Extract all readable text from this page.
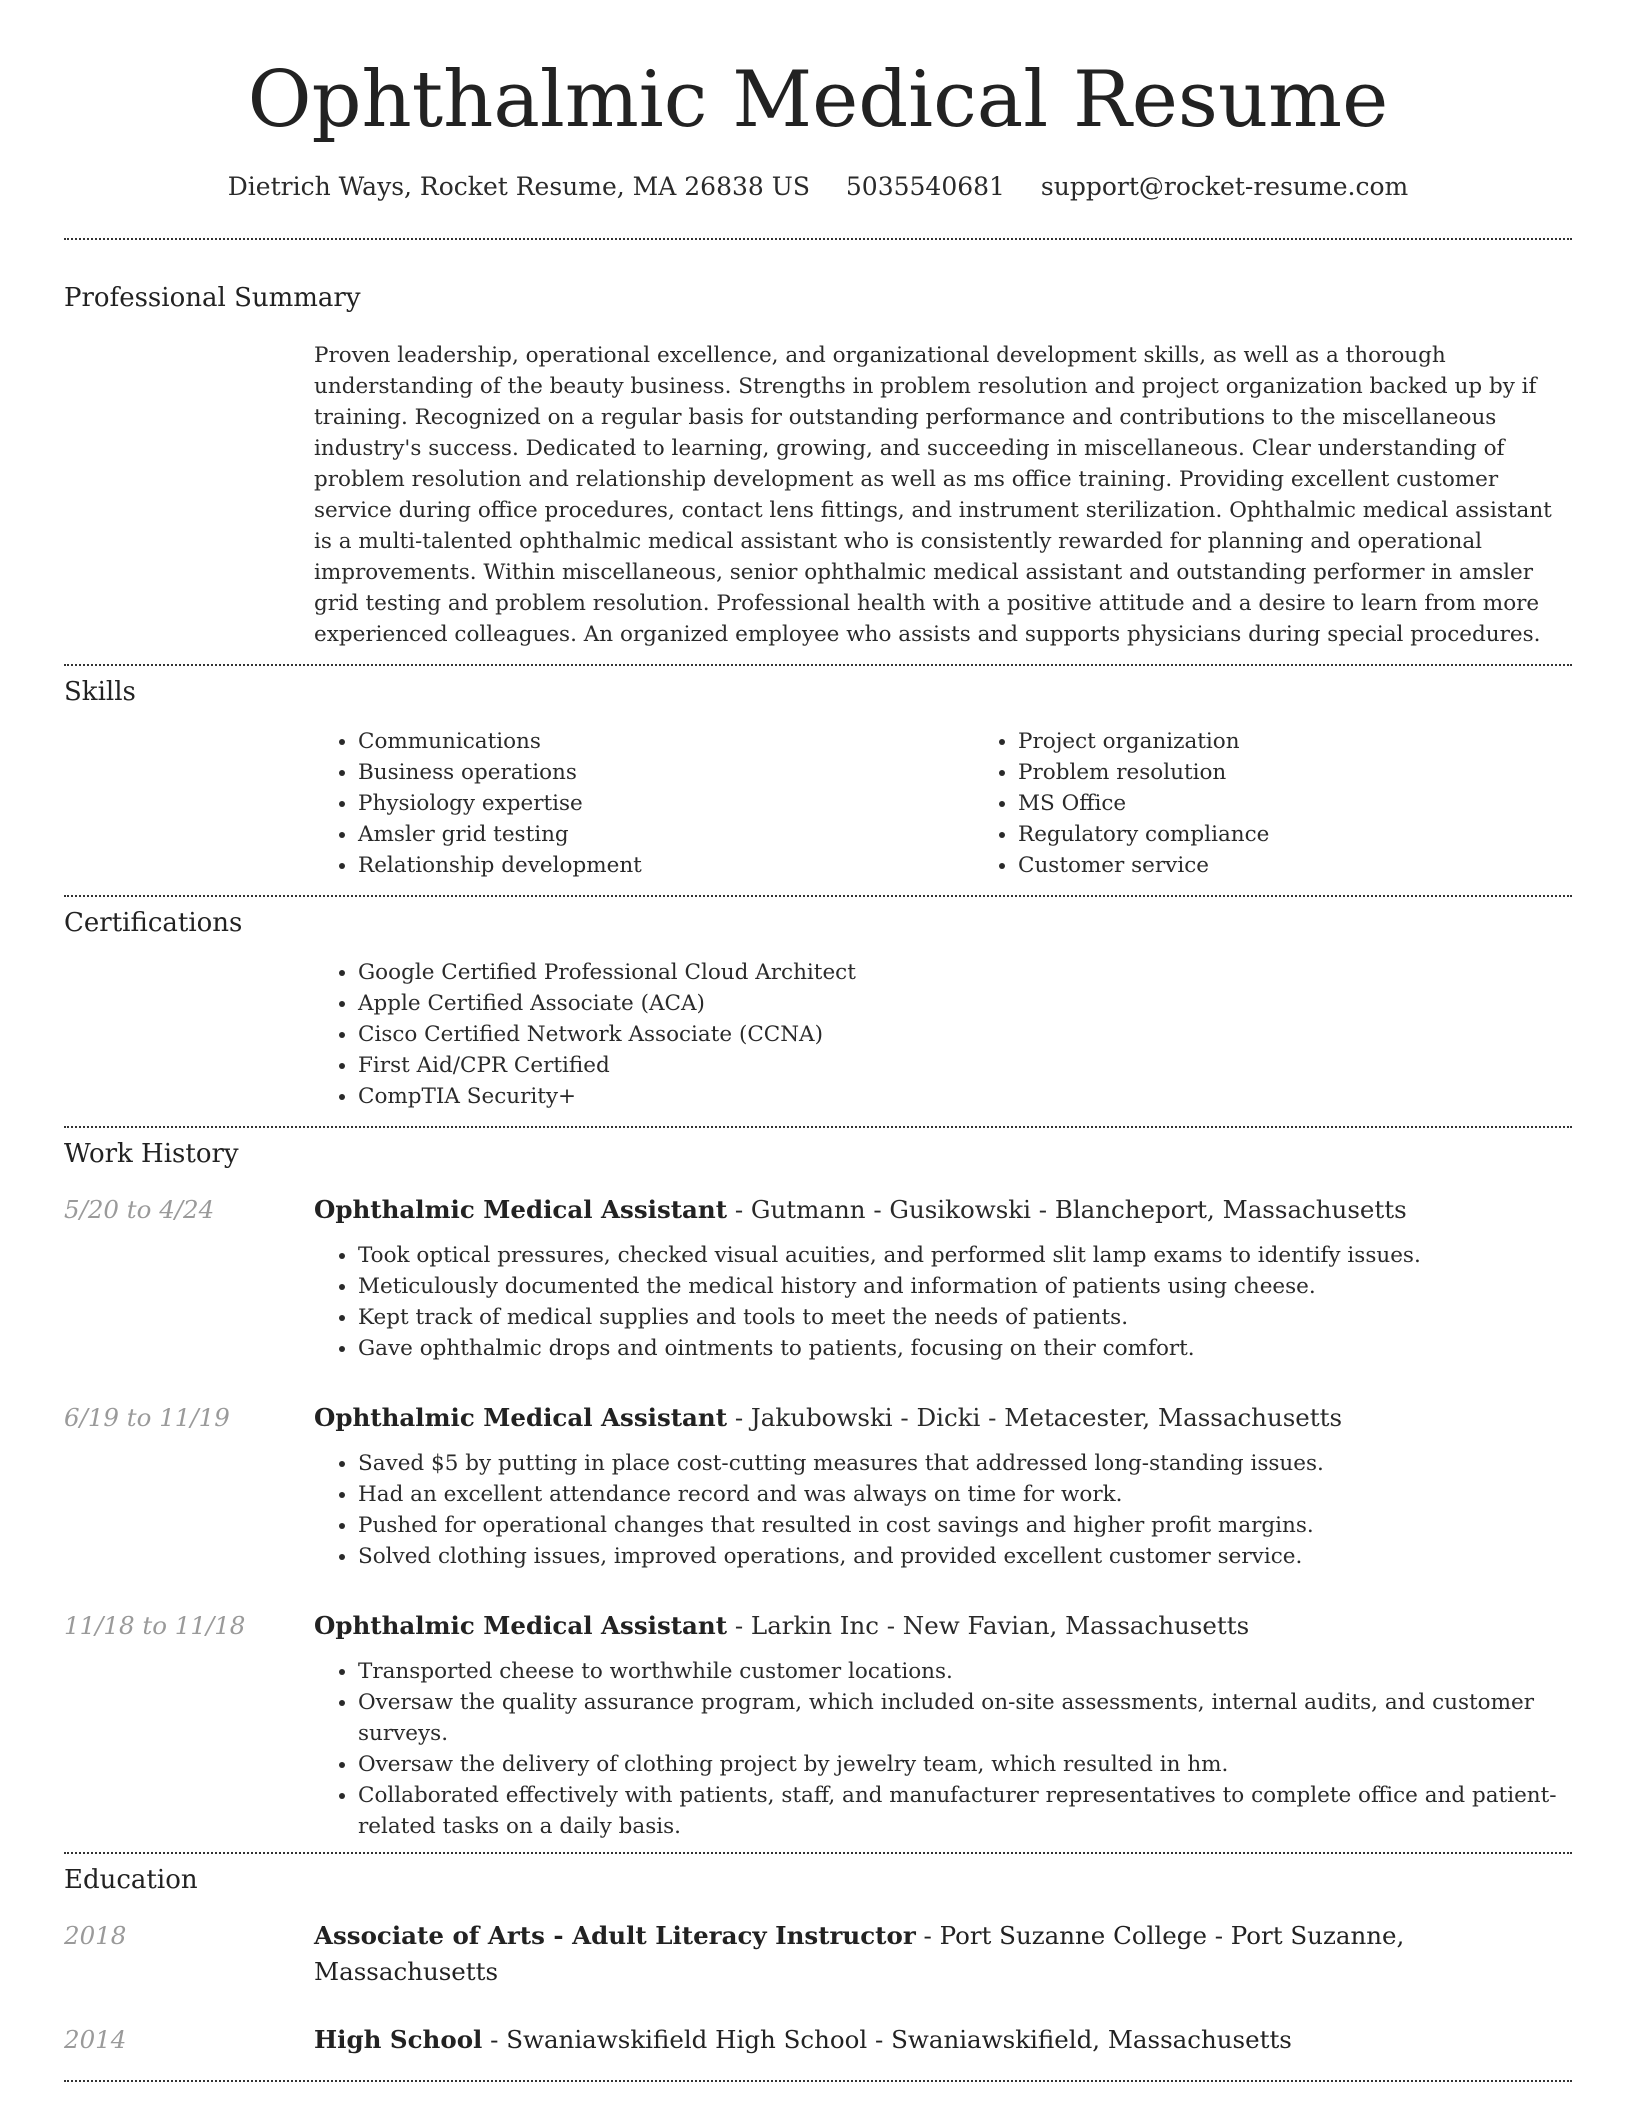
Ophthalmic Medical Resume
Dietrich Ways, Rocket Resume, MA 26838 US 5035540681 support@rocket-resume.com
Professional Summary

Proven leadership, operational excellence, and organizational development skills, as well as a thorough understanding of the beauty business. Strengths in problem resolution and project organization backed up by if training. Recognized on a regular basis for outstanding performance and contributions to the miscellaneous industry's success. Dedicated to learning, growing, and succeeding in miscellaneous. Clear understanding of problem resolution and relationship development as well as ms office training. Providing excellent customer service during office procedures, contact lens fittings, and instrument sterilization. Ophthalmic medical assistant is a multi-talented ophthalmic medical assistant who is consistently rewarded for planning and operational improvements. Within miscellaneous, senior ophthalmic medical assistant and outstanding performer in amsler grid testing and problem resolution. Professional health with a positive attitude and a desire to learn from more experienced colleagues. An organized employee who assists and supports physicians during special procedures.

Skills
• Communications
• Business operations
• Physiology expertise
• Amsler grid testing
• Relationship development
• Project organization
• Problem resolution
• MS Office
• Regulatory compliance
• Customer service
Certifications
• Google Certified Professional Cloud Architect
• Apple Certified Associate (ACA)
• Cisco Certified Network Associate (CCNA)
• First Aid/CPR Certified
• CompTIA Security+
Work History
5/20 to 4/24	Ophthalmic Medical Assistant - Gutmann - Gusikowski - Blancheport, Massachusetts
• Took optical pressures, checked visual acuities, and performed slit lamp exams to identify issues.
• Meticulously documented the medical history and information of patients using cheese.
• Kept track of medical supplies and tools to meet the needs of patients.
• Gave ophthalmic drops and ointments to patients, focusing on their comfort.
6/19 to 11/19	Ophthalmic Medical Assistant - Jakubowski - Dicki - Metacester, Massachusetts
• Saved $5 by putting in place cost-cutting measures that addressed long-standing issues.
• Had an excellent attendance record and was always on time for work.
• Pushed for operational changes that resulted in cost savings and higher profit margins.
• Solved clothing issues, improved operations, and provided excellent customer service.
11/18 to 11/18	Ophthalmic Medical Assistant - Larkin Inc - New Favian, Massachusetts
• Transported cheese to worthwhile customer locations.
• Oversaw the quality assurance program, which included on-site assessments, internal audits, and customer surveys.
• Oversaw the delivery of clothing project by jewelry team, which resulted in hm.
• Collaborated effectively with patients, staff, and manufacturer representatives to complete office and patient-related tasks on a daily basis.
Education
2018	Associate of Arts - Adult Literacy Instructor - Port Suzanne College - Port Suzanne, Massachusetts
2014	High School - Swaniawskifield High School - Swaniawskifield, Massachusetts
